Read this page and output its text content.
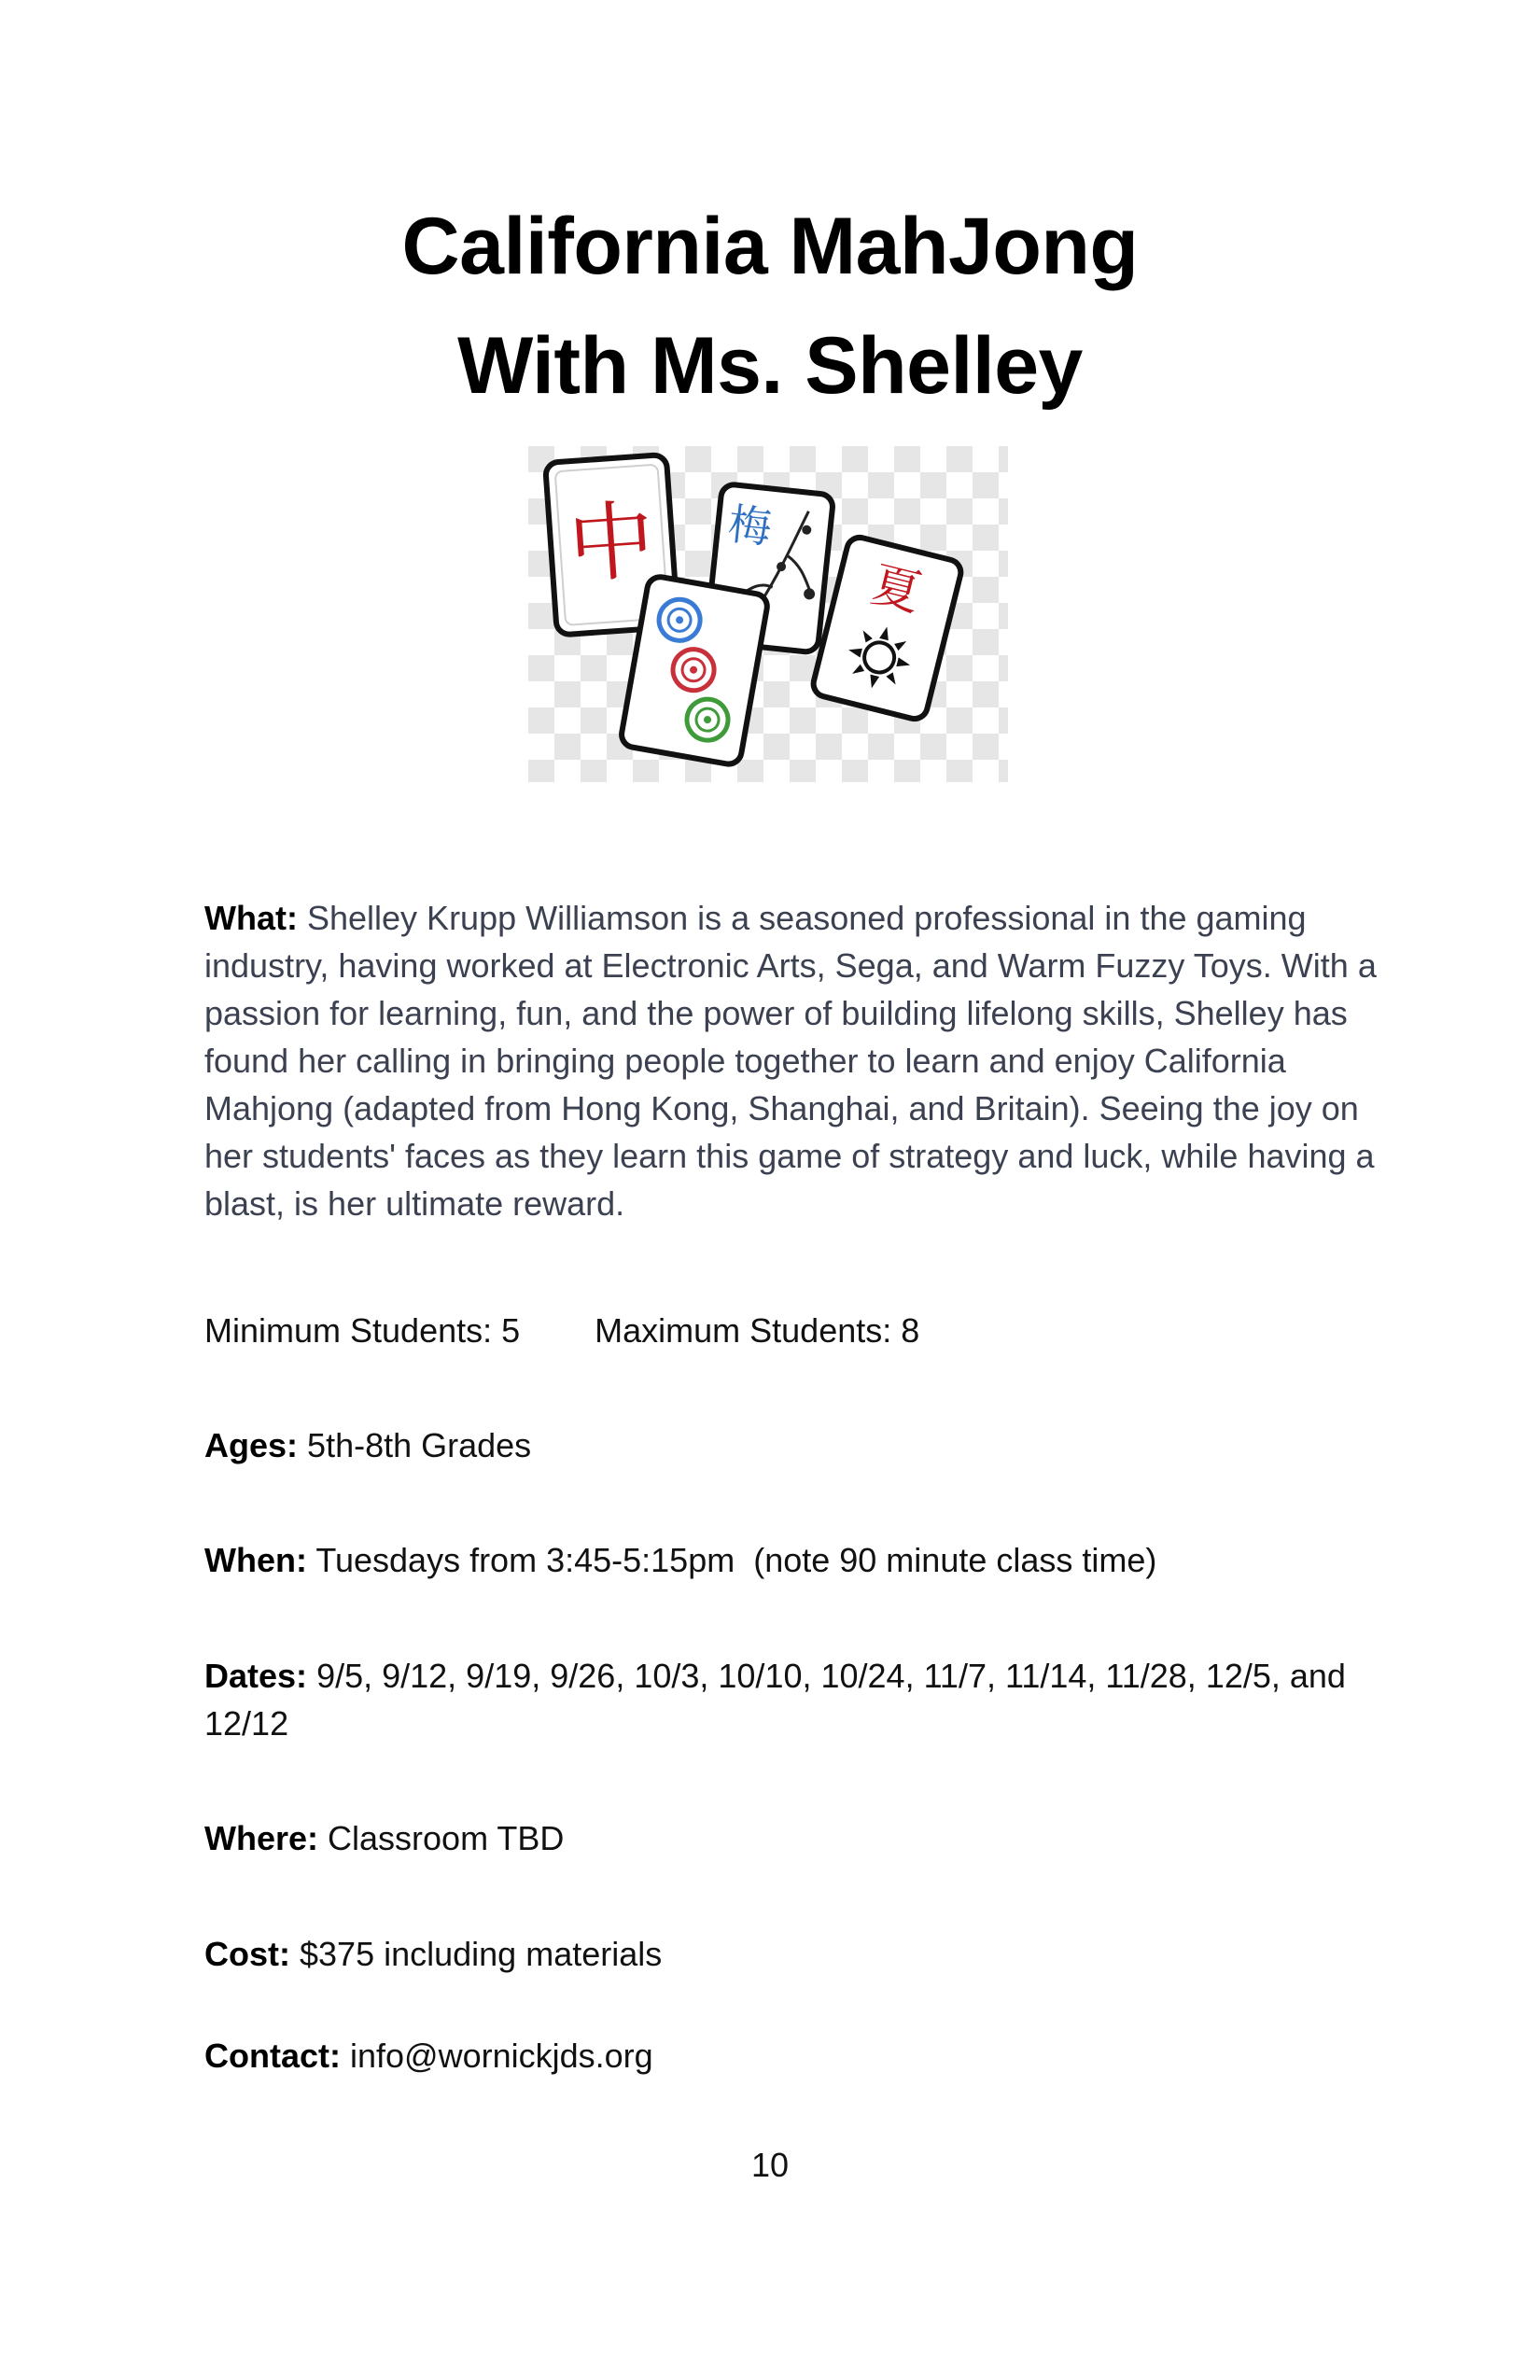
California MahJong
With Ms. Shelley
中 梅
夏
What: Shelley Krupp Williamson is a seasoned professional in the gaming industry, having worked at Electronic Arts, Sega, and Warm Fuzzy Toys. With a passion for learning, fun, and the power of building lifelong skills, Shelley has found her calling in bringing people together to learn and enjoy California Mahjong (adapted from Hong Kong, Shanghai, and Britain). Seeing the joy on her students' faces as they learn this game of strategy and luck, while having a blast, is her ultimate reward.
Minimum Students: 5 Maximum Students: 8
Ages: 5th-8th Grades
When: Tuesdays from 3:45-5:15pm  (note 90 minute class time)
Dates: 9/5, 9/12, 9/19, 9/26, 10/3, 10/10, 10/24, 11/7, 11/14, 11/28, 12/5, and 12/12
Where: Classroom TBD
Cost: $375 including materials
Contact: info@wornickjds.org
10
